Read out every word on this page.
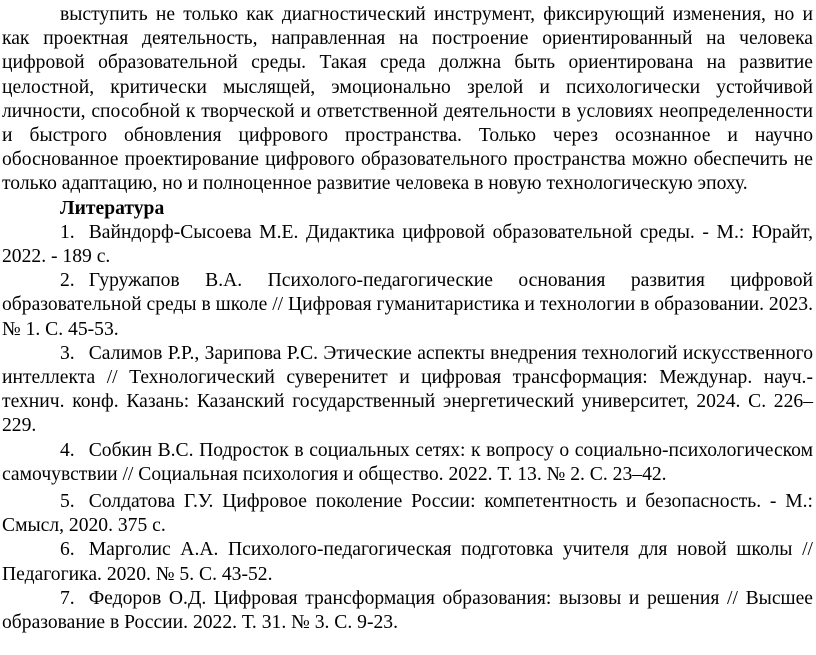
выступить не только как диагностический инструмент, фиксирующий изменения, но и как проектная деятельность, направленная на построение ориентированный на человека цифровой образовательной среды. Такая среда должна быть ориентирована на развитие целостной, критически мыслящей, эмоционально зрелой и психологически устойчивой личности, способной к творческой и ответственной деятельности в условиях неопределенности и быстрого обновления цифрового пространства. Только через осознанное и научно обоснованное проектирование цифрового образовательного пространства можно обеспечить не только адаптацию, но и полноценное развитие человека в новую технологическую эпоху.

Литература

1. Вайндорф-Сысоева М.Е. Дидактика цифровой образовательной среды. - М.: Юрайт, 2022. - 189 с.

2. Гуружапов В.А. Психолого-педагогические основания развития цифровой образовательной среды в школе // Цифровая гуманитаристика и технологии в образовании. 2023. № 1. С. 45-53.

3. Салимов Р.Р., Зарипова Р.С. Этические аспекты внедрения технологий искусственного интеллекта // Технологический суверенитет и цифровая трансформация: Междунар. науч.-технич. конф. Казань: Казанский государственный энергетический университет, 2024. С. 226–229.

4. Собкин В.С. Подросток в социальных сетях: к вопросу о социально-психологическом самочувствии // Социальная психология и общество. 2022. Т. 13. № 2. С. 23–42.

5. Солдатова Г.У. Цифровое поколение России: компетентность и безопасность. - М.: Смысл, 2020. 375 с.

6. Марголис А.А. Психолого-педагогическая подготовка учителя для новой школы // Педагогика. 2020. № 5. С. 43-52.

7. Федоров О.Д. Цифровая трансформация образования: вызовы и решения // Высшее образование в России. 2022. Т. 31. № 3. С. 9-23.
